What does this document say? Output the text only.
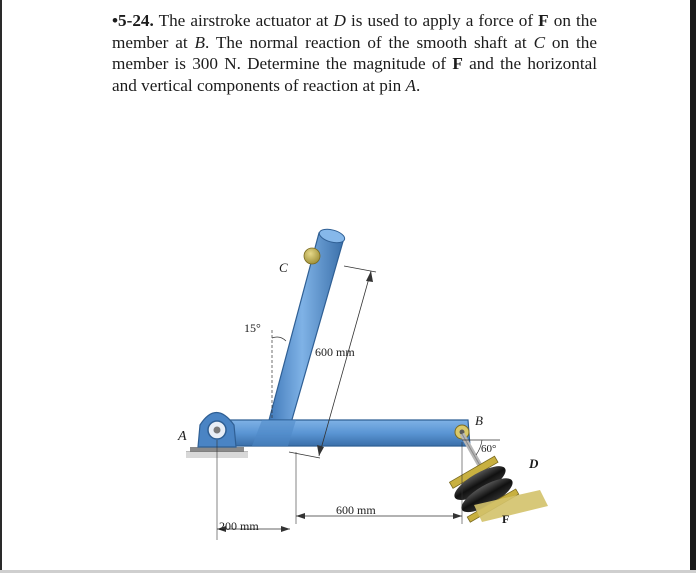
•5-24. The airstroke actuator at D is used to apply a force of F on the member at B. The normal reaction of the smooth shaft at C on the member is 300 N. Determine the magnitude of F and the horizontal and vertical components of reaction at pin A.
A
B
C
D
F
15°
60°
600 mm
600 mm
200 mm
